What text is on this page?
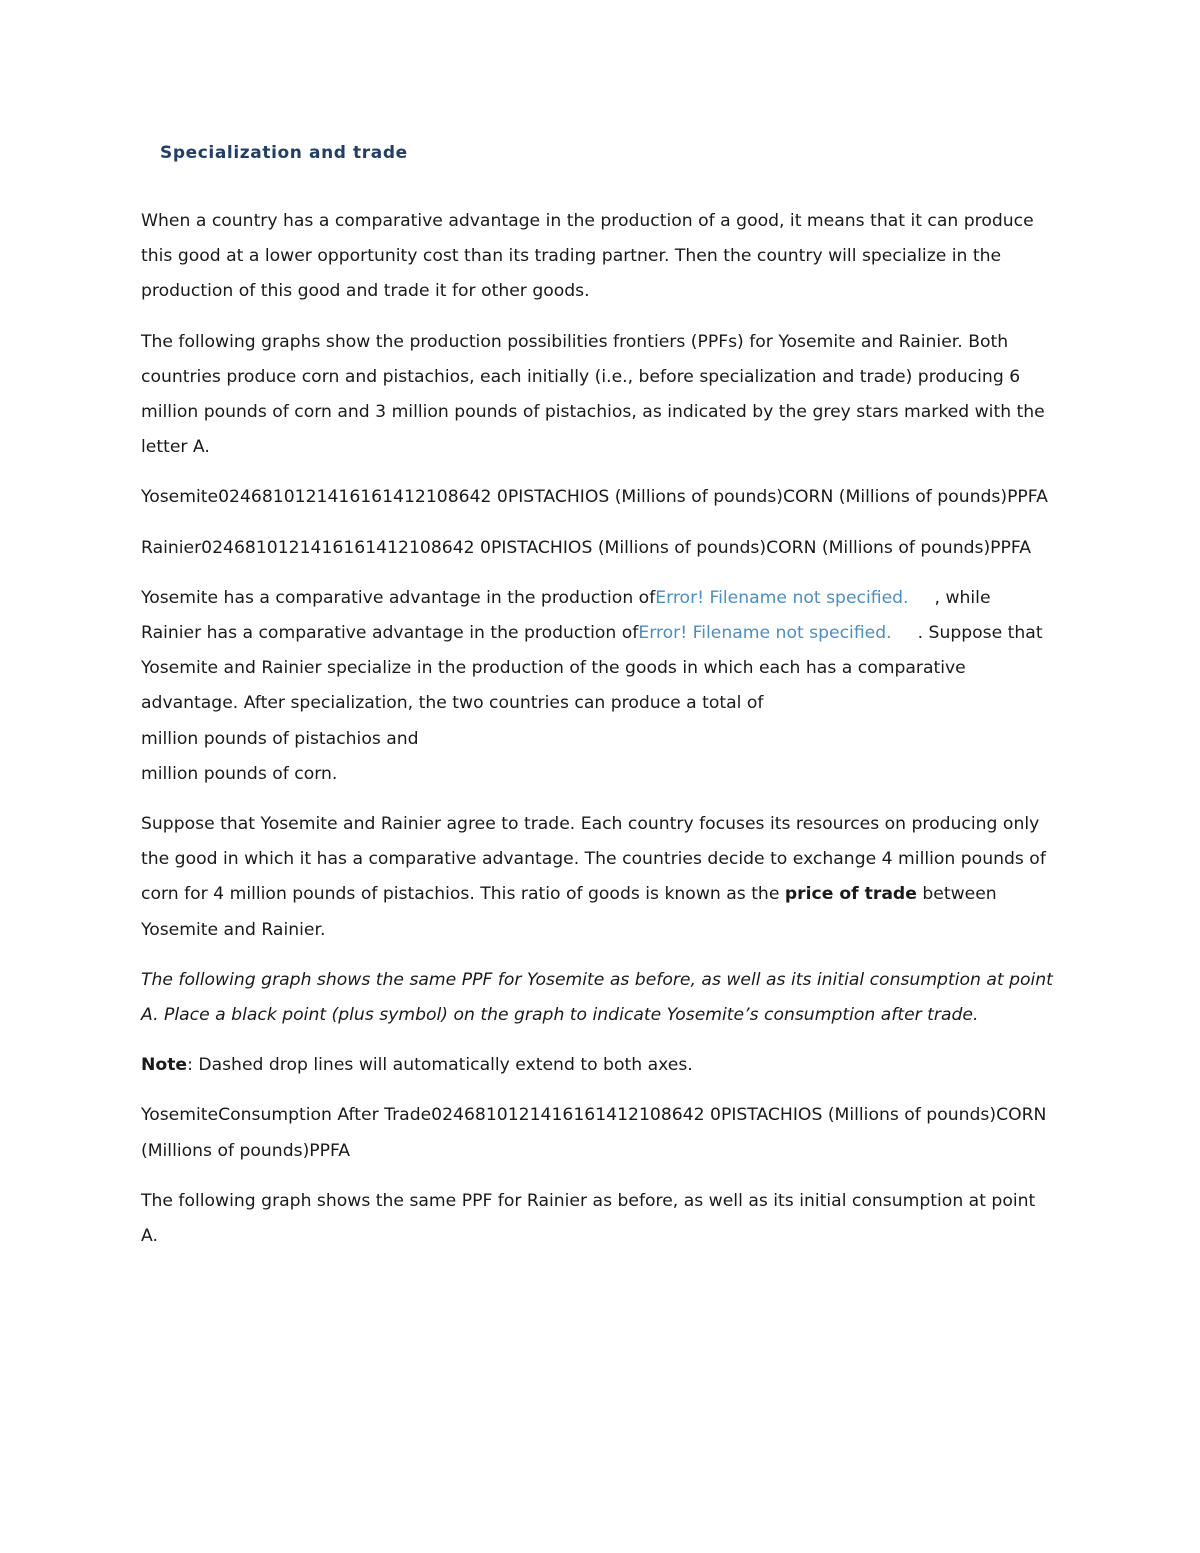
Specialization and trade

When a country has a comparative advantage in the production of a good, it means that it can produce this good at a lower opportunity cost than its trading partner. Then the country will specialize in the production of this good and trade it for other goods.

The following graphs show the production possibilities frontiers (PPFs) for Yosemite and Rainier. Both countries produce corn and pistachios, each initially (i.e., before specialization and trade) producing 6 million pounds of corn and 3 million pounds of pistachios, as indicated by the grey stars marked with the letter A.

Yosemite0246810121416161412108642 0PISTACHIOS (Millions of pounds)CORN (Millions of pounds)PPFA

Rainier0246810121416161412108642 0PISTACHIOS (Millions of pounds)CORN (Millions of pounds)PPFA

Yosemite has a comparative advantage in the production ofError! Filename not specified. , while Rainier has a comparative advantage in the production ofError! Filename not specified. . Suppose that Yosemite and Rainier specialize in the production of the goods in which each has a comparative advantage. After specialization, the two countries can produce a total of
million pounds of pistachios and
million pounds of corn.

Suppose that Yosemite and Rainier agree to trade. Each country focuses its resources on producing only the good in which it has a comparative advantage. The countries decide to exchange 4 million pounds of corn for 4 million pounds of pistachios. This ratio of goods is known as the price of trade between Yosemite and Rainier.

The following graph shows the same PPF for Yosemite as before, as well as its initial consumption at point A. Place a black point (plus symbol) on the graph to indicate Yosemite’s consumption after trade.

Note: Dashed drop lines will automatically extend to both axes.

YosemiteConsumption After Trade0246810121416161412108642 0PISTACHIOS (Millions of pounds)CORN (Millions of pounds)PPFA

The following graph shows the same PPF for Rainier as before, as well as its initial consumption at point A.
